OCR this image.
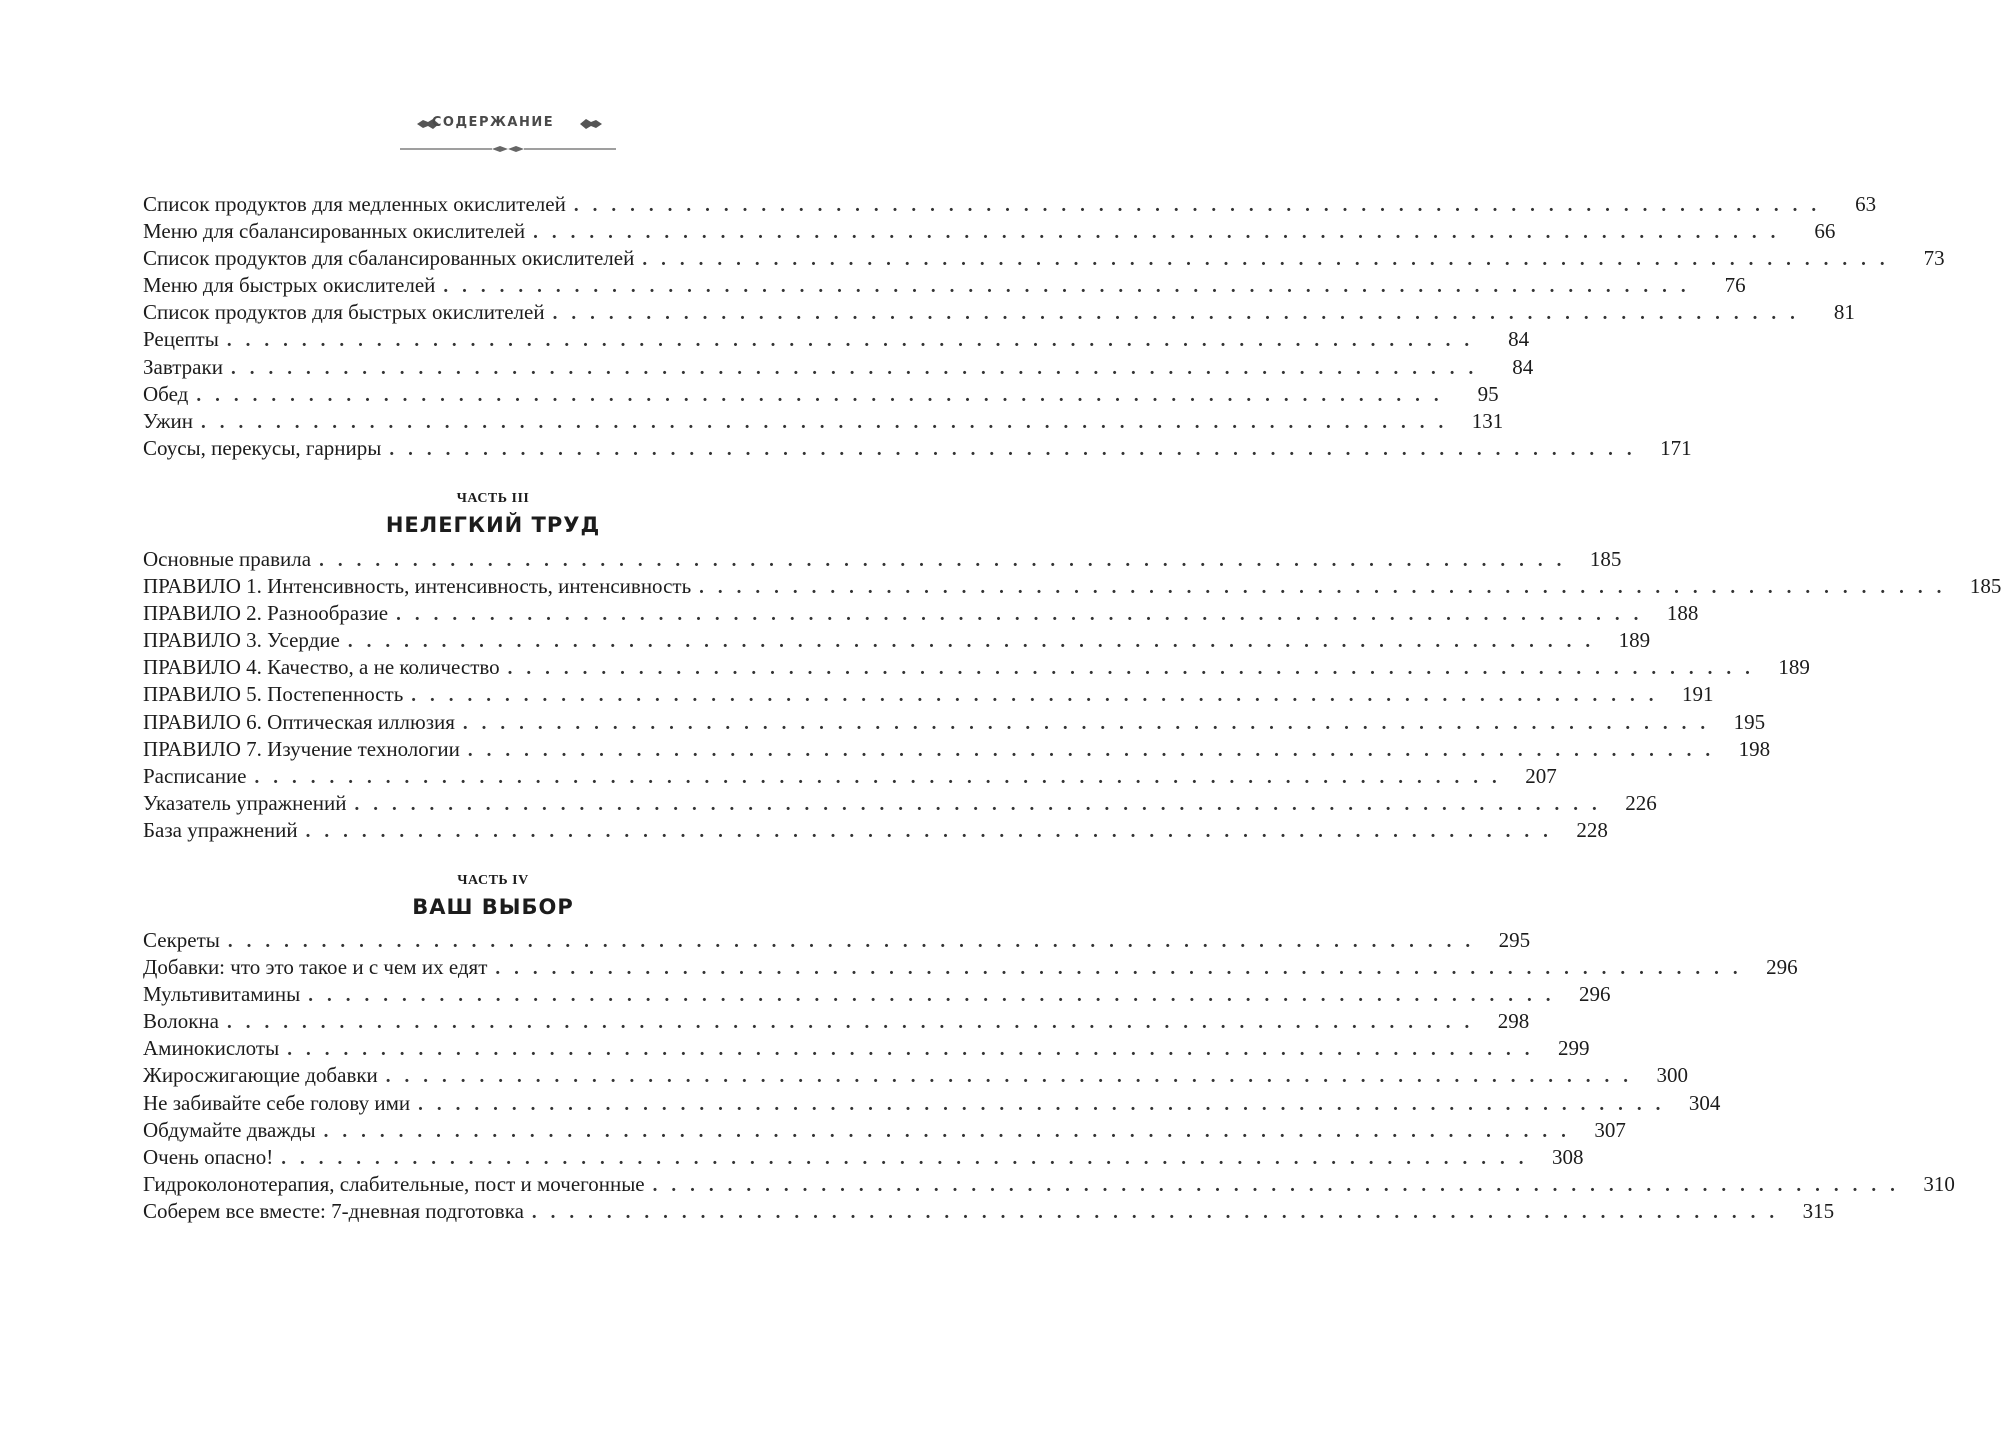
СОДЕРЖАНИЕ
Список продуктов для медленных окислителей ...................................................................	63
Меню для сбалансированных окислителей ...................................................................	66
Список продуктов для сбалансированных окислителей ...................................................................	73
Меню для быстрых окислителей ...................................................................	76
Список продуктов для быстрых окислителей ...................................................................	81
Рецепты ...................................................................	84
Завтраки ...................................................................	84
Обед ...................................................................	95
Ужин ................................................................... 131
Соусы, перекусы, гарниры ................................................................... 171
ЧАСТЬ III
НЕЛЕГКИЙ ТРУД
Основные правила ................................................................... 185
ПРАВИЛО 1. Интенсивность, интенсивность, интенсивность ................................................................... 185
ПРАВИЛО 2. Разнообразие ................................................................... 188
ПРАВИЛО 3. Усердие ................................................................... 189
ПРАВИЛО 4. Качество, а не количество ................................................................... 189
ПРАВИЛО 5. Постепенность ................................................................... 191
ПРАВИЛО 6. Оптическая иллюзия ................................................................... 195
ПРАВИЛО 7. Изучение технологии ................................................................... 198
Расписание ................................................................... 207
Указатель упражнений ................................................................... 226
База упражнений ................................................................... 228
ЧАСТЬ IV
ВАШ ВЫБОР
Секреты ................................................................... 295
Добавки: что это такое и с чем их едят ................................................................... 296
Мультивитамины ................................................................... 296
Волокна ................................................................... 298
Аминокислоты ................................................................... 299
Жиросжигающие добавки ................................................................... 300
Не забивайте себе голову ими ................................................................... 304
Обдумайте дважды ................................................................... 307
Очень опасно! ................................................................... 308
Гидроколонотерапия, слабительные, пост и мочегонные ................................................................... 310
Соберем все вместе: 7-дневная подготовка ................................................................... 315
